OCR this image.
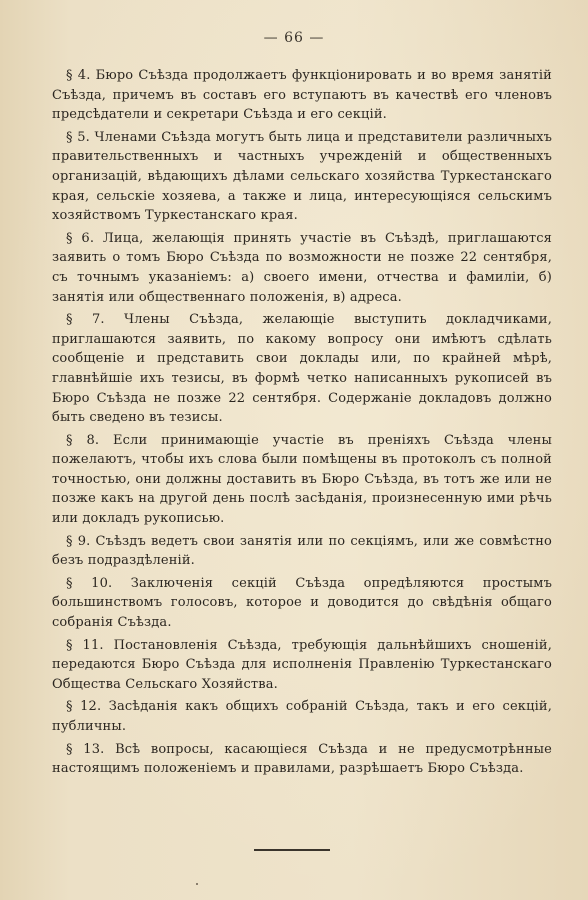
— 66 —

§ 4. Бюро Съѣзда продолжаетъ функціонировать и во время занятій Съѣзда, причемъ въ составъ его вступаютъ въ качествѣ его членовъ предсѣдатели и секретари Съѣзда и его секцій.

§ 5. Членами Съѣзда могутъ быть лица и представители различныхъ правительственныхъ и частныхъ учрежденій и общественныхъ организацій, вѣдающихъ дѣлами сельскаго хозяйства Туркестанскаго края, сельскіе хозяева, а также и лица, интересующіяся сельскимъ хозяйствомъ Туркестанскаго края.

§ 6. Лица, желающія принять участіе въ Съѣздѣ, приглашаются заявить о томъ Бюро Съѣзда по возможности не позже 22 сентября, съ точнымъ указаніемъ: а) своего имени, отчества и фамиліи, б) занятія или общественнаго положенія, в) адреса.

§ 7. Члены Съѣзда, желающіе выступить докладчиками, приглашаются заявить, по какому вопросу они имѣютъ сдѣлать сообщеніе и представить свои доклады или, по крайней мѣрѣ, главнѣйшіе ихъ тезисы, въ формѣ четко написанныхъ рукописей въ Бюро Съѣзда не позже 22 сентября. Содержаніе докладовъ должно быть сведено въ тезисы.

§ 8. Если принимающіе участіе въ преніяхъ Съѣзда члены пожелаютъ, чтобы ихъ слова были помѣщены въ протоколъ съ полной точностью, они должны доставить въ Бюро Съѣзда, въ тотъ же или не позже какъ на другой день послѣ засѣданія, произнесенную ими рѣчь или докладъ рукописью.

§ 9. Съѣздъ ведетъ свои занятія или по секціямъ, или же совмѣстно безъ подраздѣленій.

§ 10. Заключенія секцій Съѣзда опредѣляются простымъ большинствомъ голосовъ, которое и доводится до свѣдѣнія общаго собранія Съѣзда.

§ 11. Постановленія Съѣзда, требующія дальнѣйшихъ сношеній, передаются Бюро Съѣзда для исполненія Правленію Туркестанскаго Общества Сельскаго Хозяйства.

§ 12. Засѣданія какъ общихъ собраній Съѣзда, такъ и его секцій, публичны.

§ 13. Всѣ вопросы, касающіеся Съѣзда и не предусмотрѣнные настоящимъ положеніемъ и правилами, разрѣшаетъ Бюро Съѣзда.
